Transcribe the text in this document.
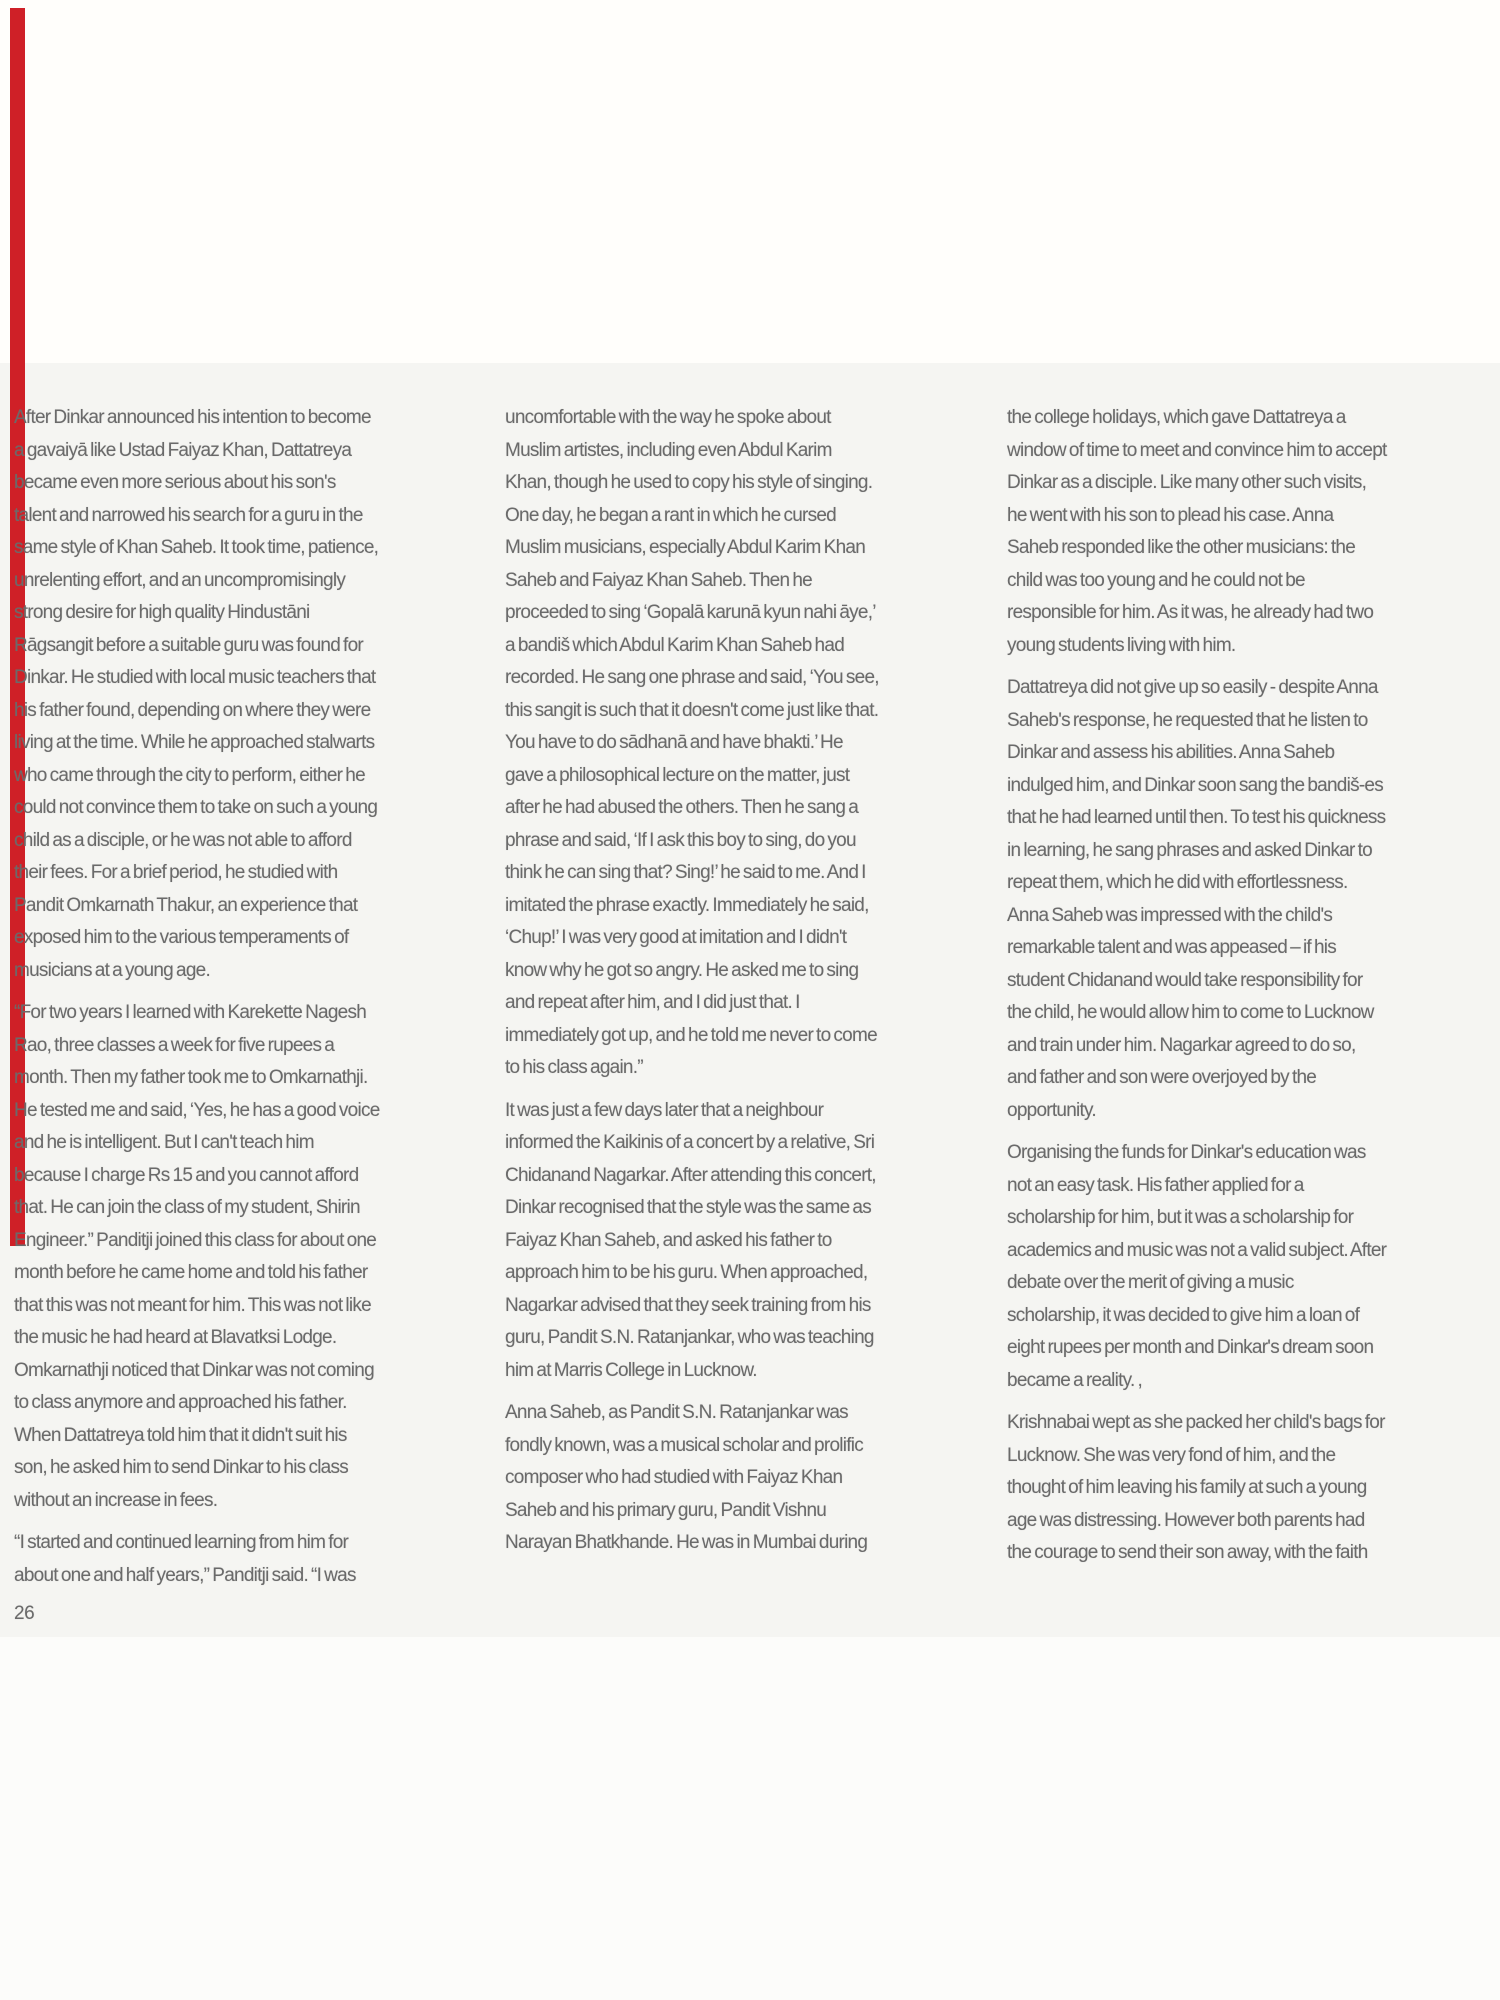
After Dinkar announced his intention to become a gavaiyā like Ustad Faiyaz Khan, Dattatreya became even more serious about his son's talent and narrowed his search for a guru in the same style of Khan Saheb. It took time, patience, unrelenting effort, and an uncompromisingly strong desire for high quality Hindustāni Rāgsangit before a suitable guru was found for Dinkar. He studied with local music teachers that his father found, depending on where they were living at the time. While he approached stalwarts who came through the city to perform, either he could not convince them to take on such a young child as a disciple, or he was not able to afford their fees. For a brief period, he studied with Pandit Omkarnath Thakur, an experience that exposed him to the various temperaments of musicians at a young age.

“For two years I learned with Karekette Nagesh Rao, three classes a week for five rupees a month. Then my father took me to Omkarnathji. He tested me and said, ‘Yes, he has a good voice and he is intelligent. But I can't teach him because I charge Rs 15 and you cannot afford that. He can join the class of my student, Shirin Engineer.” Panditji joined this class for about one month before he came home and told his father that this was not meant for him. This was not like the music he had heard at Blavatksi Lodge. Omkarnathji noticed that Dinkar was not coming to class anymore and approached his father. When Dattatreya told him that it didn't suit his son, he asked him to send Dinkar to his class without an increase in fees.

“I started and continued learning from him for about one and half years,” Panditji said. “I was

uncomfortable with the way he spoke about Muslim artistes, including even Abdul Karim Khan, though he used to copy his style of singing. One day, he began a rant in which he cursed Muslim musicians, especially Abdul Karim Khan Saheb and Faiyaz Khan Saheb. Then he proceeded to sing ‘Gopalā karunā kyun nahi āye,’ a bandiš which Abdul Karim Khan Saheb had recorded. He sang one phrase and said, ‘You see, this sangit is such that it doesn't come just like that. You have to do sādhanā and have bhakti.’ He gave a philosophical lecture on the matter, just after he had abused the others. Then he sang a phrase and said, ‘If I ask this boy to sing, do you think he can sing that? Sing!’ he said to me. And I imitated the phrase exactly. Immediately he said, ‘Chup!’ I was very good at imitation and I didn't know why he got so angry. He asked me to sing and repeat after him, and I did just that. I immediately got up, and he told me never to come to his class again.”

It was just a few days later that a neighbour informed the Kaikinis of a concert by a relative, Sri Chidanand Nagarkar. After attending this concert, Dinkar recognised that the style was the same as Faiyaz Khan Saheb, and asked his father to approach him to be his guru. When approached, Nagarkar advised that they seek training from his guru, Pandit S.N. Ratanjankar, who was teaching him at Marris College in Lucknow.

Anna Saheb, as Pandit S.N. Ratanjankar was fondly known, was a musical scholar and prolific composer who had studied with Faiyaz Khan Saheb and his primary guru, Pandit Vishnu Narayan Bhatkhande. He was in Mumbai during

the college holidays, which gave Dattatreya a window of time to meet and convince him to accept Dinkar as a disciple. Like many other such visits, he went with his son to plead his case. Anna Saheb responded like the other musicians: the child was too young and he could not be responsible for him. As it was, he already had two young students living with him.

Dattatreya did not give up so easily - despite Anna Saheb's response, he requested that he listen to Dinkar and assess his abilities. Anna Saheb indulged him, and Dinkar soon sang the bandiš-es that he had learned until then. To test his quickness in learning, he sang phrases and asked Dinkar to repeat them, which he did with effortlessness. Anna Saheb was impressed with the child's remarkable talent and was appeased – if his student Chidanand would take responsibility for the child, he would allow him to come to Lucknow and train under him. Nagarkar agreed to do so, and father and son were overjoyed by the opportunity.

Organising the funds for Dinkar's education was not an easy task. His father applied for a scholarship for him, but it was a scholarship for academics and music was not a valid subject. After debate over the merit of giving a music scholarship, it was decided to give him a loan of eight rupees per month and Dinkar's dream soon became a reality. ,

Krishnabai wept as she packed her child's bags for Lucknow. She was very fond of him, and the thought of him leaving his family at such a young age was distressing. However both parents had the courage to send their son away, with the faith

26
